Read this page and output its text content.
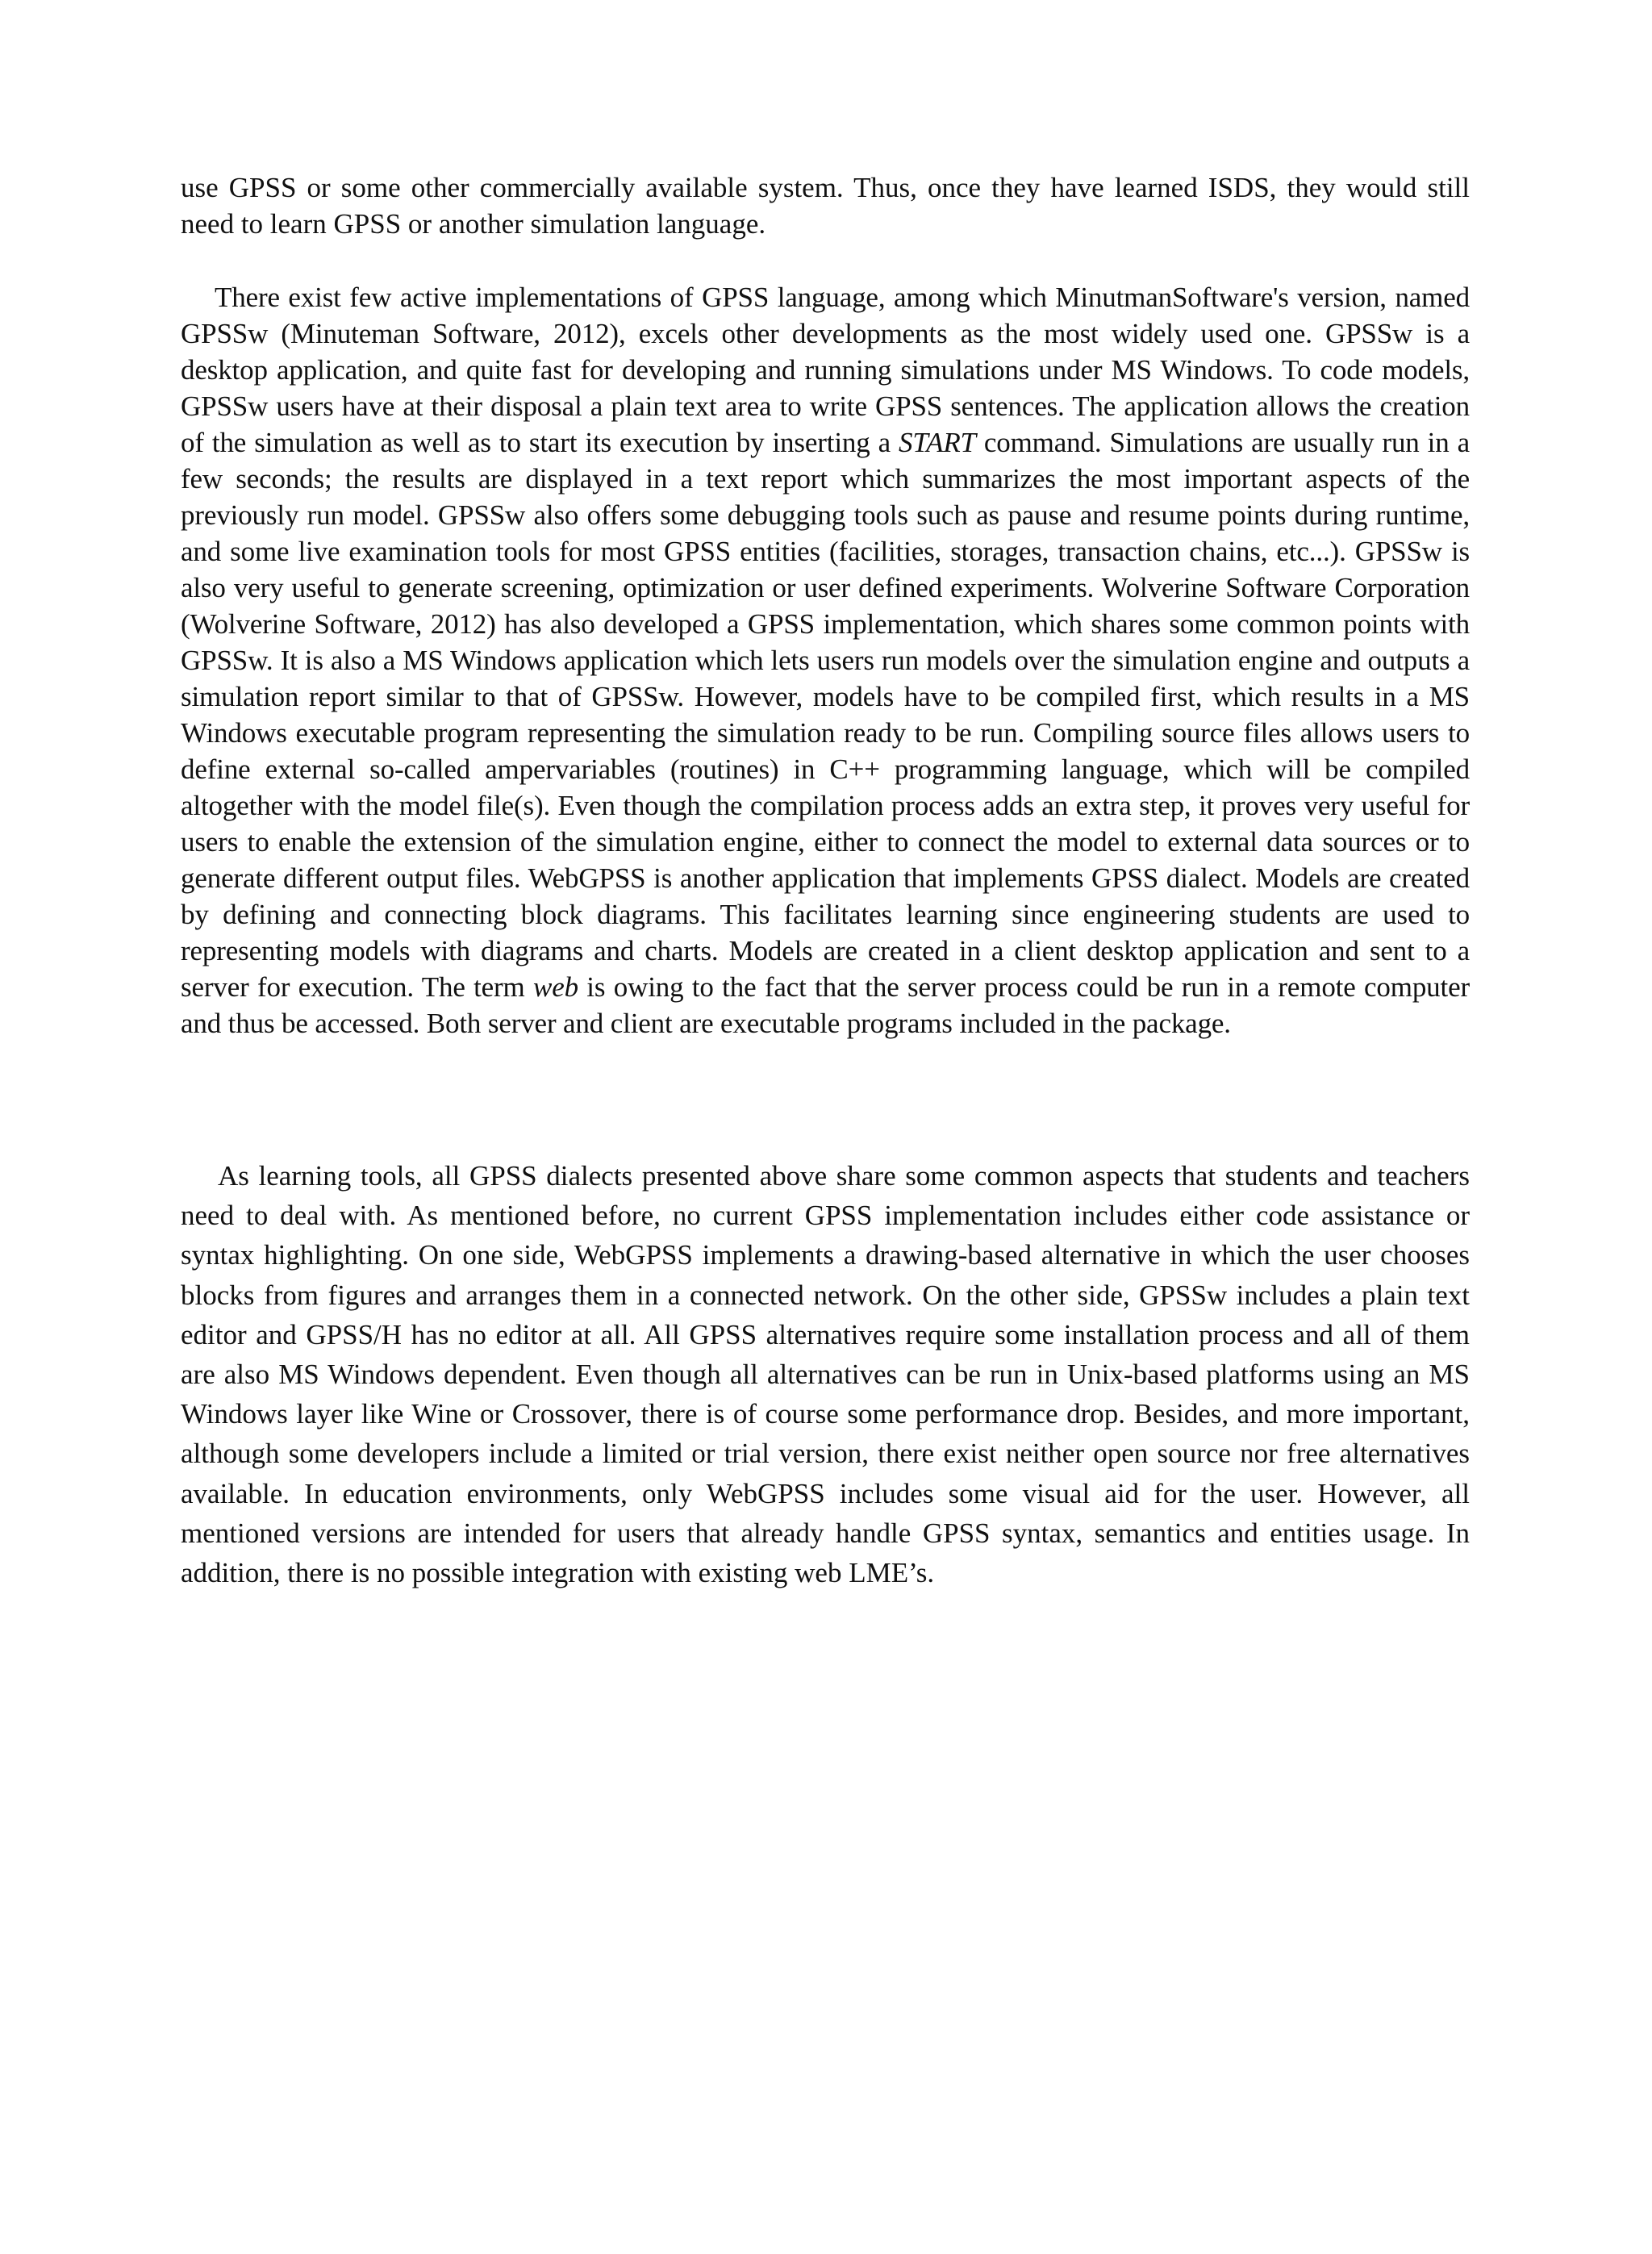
use GPSS or some other commercially available system. Thus, once they have learned ISDS, they would still need to learn GPSS or another simulation language.

There exist few active implementations of GPSS language, among which MinutmanSoftware's version, named GPSSw (Minuteman Software, 2012), excels other developments as the most widely used one. GPSSw is a desktop application, and quite fast for developing and running simulations under MS Windows. To code models, GPSSw users have at their disposal a plain text area to write GPSS sentences. The application allows the creation of the simulation as well as to start its execution by inserting a START command. Simulations are usually run in a few seconds; the results are displayed in a text report which summarizes the most important aspects of the previously run model. GPSSw also offers some debugging tools such as pause and resume points during runtime, and some live examination tools for most GPSS entities (facilities, storages, transaction chains, etc...). GPSSw is also very useful to generate screening, optimization or user defined experiments. Wolverine Software Corporation (Wolverine Software, 2012) has also developed a GPSS implementation, which shares some common points with GPSSw. It is also a MS Windows application which lets users run models over the simulation engine and outputs a simulation report similar to that of GPSSw. However, models have to be compiled first, which results in a MS Windows executable program representing the simulation ready to be run. Compiling source files allows users to define external so-called ampervariables (routines) in C++ programming language, which will be compiled altogether with the model file(s). Even though the compilation process adds an extra step, it proves very useful for users to enable the extension of the simulation engine, either to connect the model to external data sources or to generate different output files. WebGPSS is another application that implements GPSS dialect. Models are created by defining and connecting block diagrams. This facilitates learning since engineering students are used to representing models with diagrams and charts. Models are created in a client desktop application and sent to a server for execution. The term web is owing to the fact that the server process could be run in a remote computer and thus be accessed. Both server and client are executable programs included in the package.

As learning tools, all GPSS dialects presented above share some common aspects that students and teachers need to deal with. As mentioned before, no current GPSS implementation includes either code assistance or syntax highlighting. On one side, WebGPSS implements a drawing-based alternative in which the user chooses blocks from figures and arranges them in a connected network. On the other side, GPSSw includes a plain text editor and GPSS/H has no editor at all. All GPSS alternatives require some installation process and all of them are also MS Windows dependent. Even though all alternatives can be run in Unix-based platforms using an MS Windows layer like Wine or Crossover, there is of course some performance drop. Besides, and more important, although some developers include a limited or trial version, there exist neither open source nor free alternatives available. In education environments, only WebGPSS includes some visual aid for the user. However, all mentioned versions are intended for users that already handle GPSS syntax, semantics and entities usage. In addition, there is no possible integration with existing web LME’s.
